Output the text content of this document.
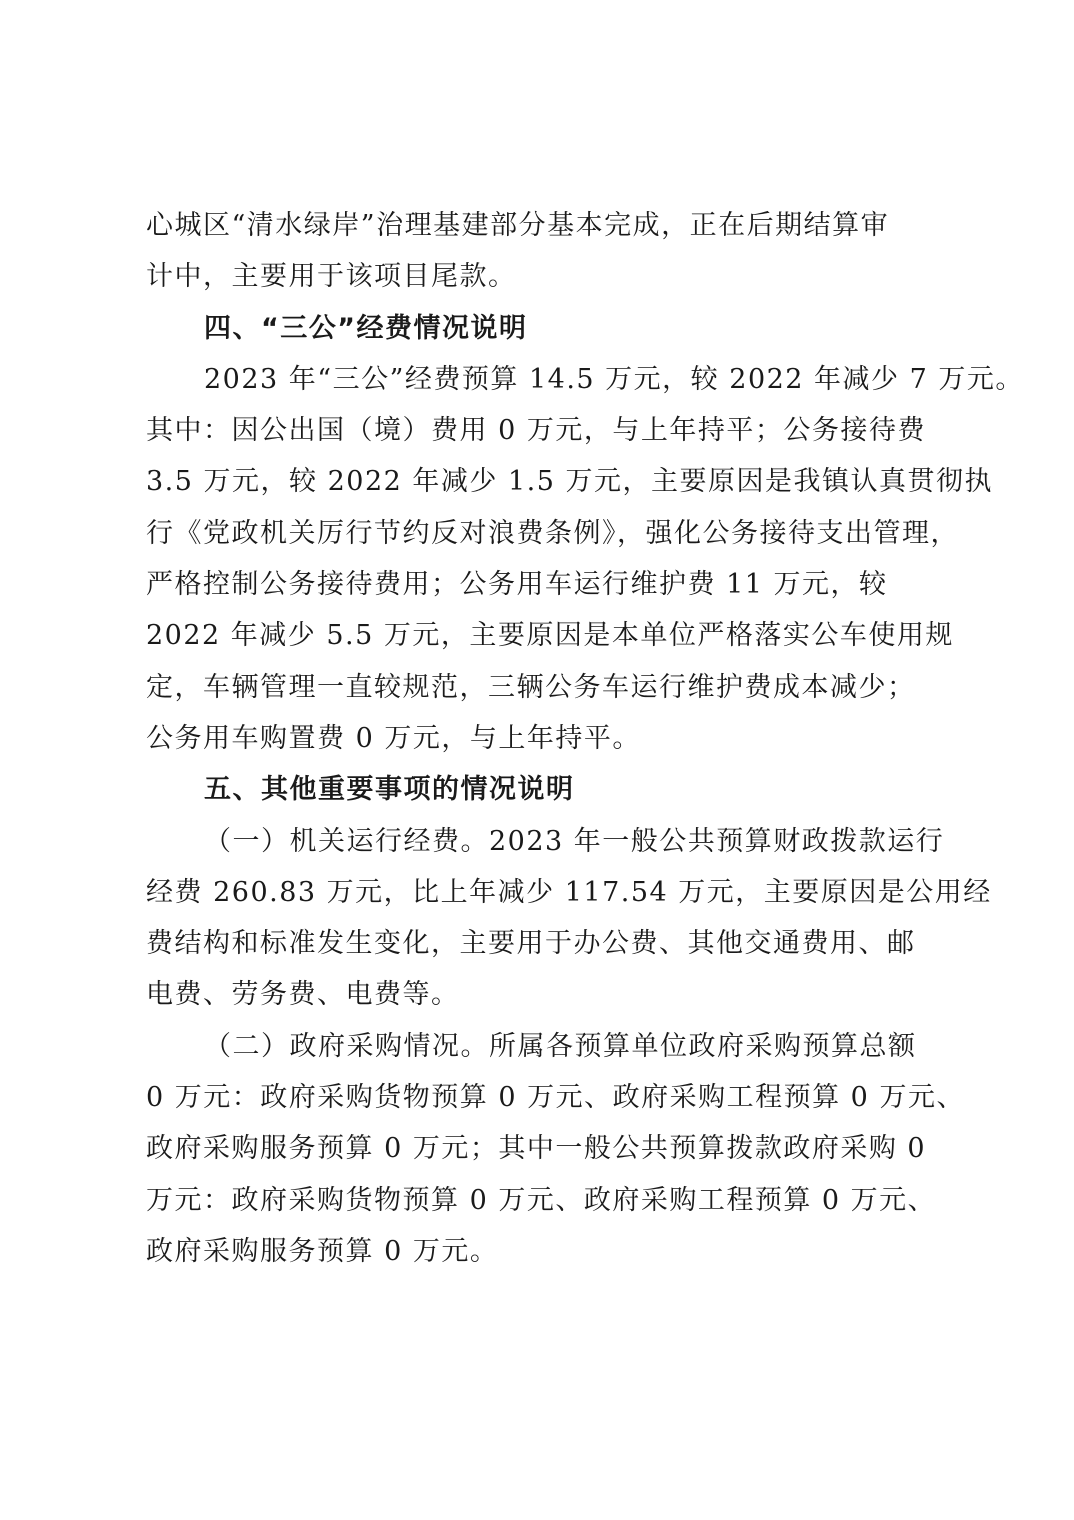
心城区“清水绿岸”治理基建部分基本完成，正在后期结算审
计中，主要用于该项目尾款。
四、“三公”经费情况说明
2023 年“三公”经费预算 14.5 万元，较 2022 年减少 7 万元。
其中：因公出国（境）费用 0 万元，与上年持平；公务接待费
3.5 万元，较 2022 年减少 1.5 万元，主要原因是我镇认真贯彻执
行《党政机关厉行节约反对浪费条例》，强化公务接待支出管理，
严格控制公务接待费用；公务用车运行维护费 11 万元，较
2022 年减少 5.5 万元，主要原因是本单位严格落实公车使用规
定，车辆管理一直较规范，三辆公务车运行维护费成本减少；
公务用车购置费 0 万元，与上年持平。
五、其他重要事项的情况说明
（一）机关运行经费。2023 年一般公共预算财政拨款运行
经费 260.83 万元，比上年减少 117.54 万元，主要原因是公用经
费结构和标准发生变化，主要用于办公费、其他交通费用、邮
电费、劳务费、电费等。
（二）政府采购情况。所属各预算单位政府采购预算总额
0 万元：政府采购货物预算 0 万元、政府采购工程预算 0 万元、
政府采购服务预算 0 万元；其中一般公共预算拨款政府采购 0
万元：政府采购货物预算 0 万元、政府采购工程预算 0 万元、
政府采购服务预算 0 万元。
